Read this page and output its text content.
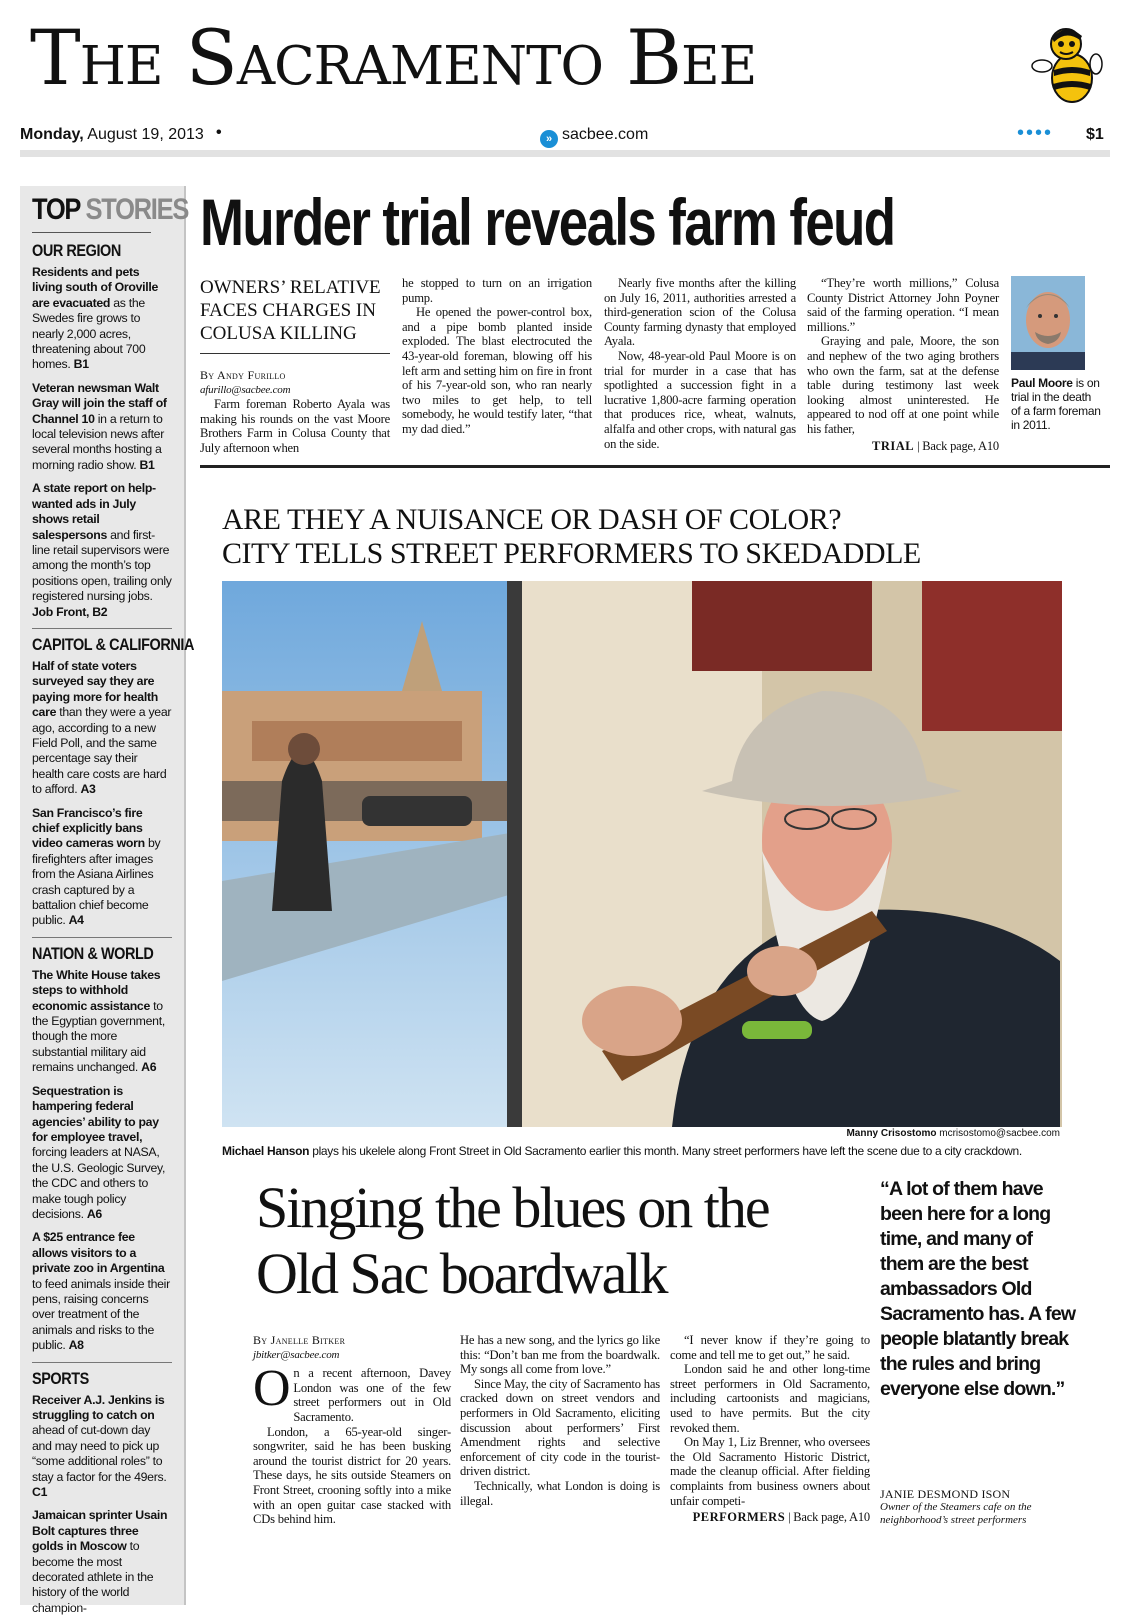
The Sacramento Bee
Monday, August 19, 2013 •	» sacbee.com	•••• $1
TOP STORIES
OUR REGION
Residents and pets living south of Oroville are evacuated as the Swedes fire grows to nearly 2,000 acres, threatening about 700 homes. B1
Veteran newsman Walt Gray will join the staff of Channel 10 in a return to local television news after several months hosting a morning radio show. B1
A state report on help-wanted ads in July shows retail salespersons and first-line retail supervisors were among the month’s top positions open, trailing only registered nursing jobs. Job Front, B2
CAPITOL & CALIFORNIA
Half of state voters surveyed say they are paying more for health care than they were a year ago, according to a new Field Poll, and the same percentage say their health care costs are hard to afford. A3
San Francisco’s fire chief explicitly bans video cameras worn by firefighters after images from the Asiana Airlines crash captured by a battalion chief become public. A4
NATION & WORLD
The White House takes steps to withhold economic assistance to the Egyptian government, though the more substantial military aid remains unchanged. A6
Sequestration is hampering federal agencies’ ability to pay for employee travel, forcing leaders at NASA, the U.S. Geologic Survey, the CDC and others to make tough policy decisions. A6
A $25 entrance fee allows visitors to a private zoo in Argentina to feed animals inside their pens, raising concerns over treatment of the animals and risks to the public. A8
SPORTS
Receiver A.J. Jenkins is struggling to catch on ahead of cut-down day and may need to pick up “some additional roles” to stay a factor for the 49ers. C1
Jamaican sprinter Usain Bolt captures three golds in Moscow to become the most decorated athlete in the history of the world champion-
Murder trial reveals farm feud
OWNERS’ RELATIVE FACES CHARGES IN COLUSA KILLING
By Andy Furillo
afurillo@sacbee.com

Farm foreman Roberto Ayala was making his rounds on the vast Moore Brothers Farm in Colusa County that July afternoon when

he stopped to turn on an irrigation pump.

He opened the power-control box, and a pipe bomb planted inside exploded. The blast electrocuted the 43-year-old foreman, blowing off his left arm and setting him on fire in front of his 7-year-old son, who ran nearly two miles to get help, to tell somebody, he would testify later, “that my dad died.”

Nearly five months after the killing on July 16, 2011, authorities arrested a third-generation scion of the Colusa County farming dynasty that employed Ayala.

Now, 48-year-old Paul Moore is on trial for murder in a case that has spotlighted a succession fight in a lucrative 1,800-acre farming operation that produces rice, wheat, walnuts, alfalfa and other crops, with natural gas on the side.

“They’re worth millions,” Colusa County District Attorney John Poyner said of the farming operation. “I mean millions.”

Graying and pale, Moore, the son and nephew of the two aging brothers who own the farm, sat at the defense table during testimony last week looking almost uninterested. He appeared to nod off at one point while his father,

TRIAL | Back page, A10
Paul Moore is on trial in the death of a farm foreman in 2011.
ARE THEY A NUISANCE OR DASH OF COLOR?
CITY TELLS STREET PERFORMERS TO SKEDADDLE
Manny Crisostomo mcrisostomo@sacbee.com
Michael Hanson plays his ukelele along Front Street in Old Sacramento earlier this month. Many street performers have left the scene due to a city crackdown.
Singing the blues on the Old Sac boardwalk
By Janelle Bitker
jbitker@sacbee.com
On a recent afternoon, Davey London was one of the few street performers out in Old Sacramento.

London, a 65-year-old singer-songwriter, said he has been busking around the tourist district for 20 years. These days, he sits outside Steamers on Front Street, crooning softly into a mike with an open guitar case stacked with CDs behind him.

He has a new song, and the lyrics go like this: “Don’t ban me from the boardwalk. My songs all come from love.”

Since May, the city of Sacramento has cracked down on street vendors and performers in Old Sacramento, eliciting discussion about performers’ First Amendment rights and selective enforcement of city code in the tourist-driven district.

Technically, what London is doing is illegal.

“I never know if they’re going to come and tell me to get out,” he said.

London said he and other long-time street performers in Old Sacramento, including cartoonists and magicians, used to have permits. But the city revoked them.

On May 1, Liz Brenner, who oversees the Old Sacramento Historic District, made the cleanup official. After fielding complaints from business owners about unfair competi-

PERFORMERS | Back page, A10
“A lot of them have been here for a long time, and many of them are the best ambassadors Old Sacramento has. A few people blatantly break the rules and bring everyone else down.”
JANIE DESMOND ISON
Owner of the Steamers cafe on the neighborhood’s street performers
